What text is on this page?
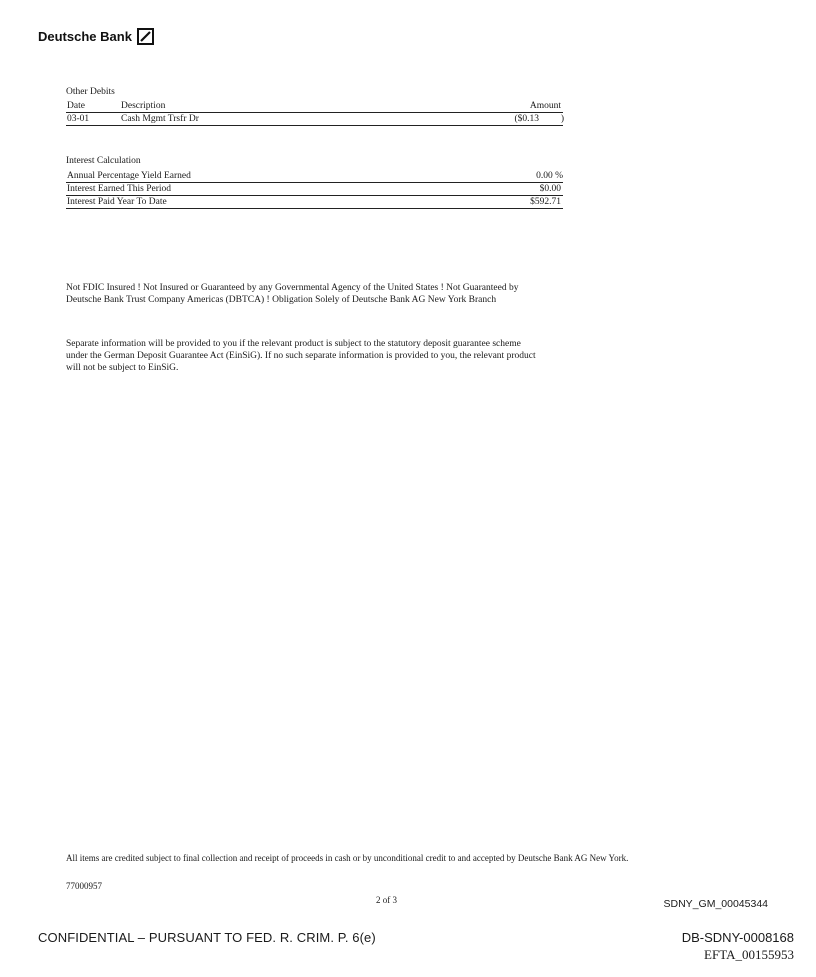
Deutsche Bank
Other Debits
Date	Description	Amount
03-01	Cash Mgmt Trsfr Dr	($0.13 )
Interest Calculation
Annual Percentage Yield Earned	0.00 %
Interest Earned This Period	$0.00
Interest Paid Year To Date	$592.71
Not FDIC Insured ! Not Insured or Guaranteed by any Governmental Agency of the United States ! Not Guaranteed by Deutsche Bank Trust Company Americas (DBTCA) ! Obligation Solely of Deutsche Bank AG New York Branch
Separate information will be provided to you if the relevant product is subject to the statutory deposit guarantee scheme under the German Deposit Guarantee Act (EinSiG). If no such separate information is provided to you, the relevant product will not be subject to EinSiG.
All items are credited subject to final collection and receipt of proceeds in cash or by unconditional credit to and accepted by Deutsche Bank AG New York.
77000957
2 of 3	SDNY_GM_00045344
CONFIDENTIAL – PURSUANT TO FED. R. CRIM. P. 6(e)	DB-SDNY-0008168
EFTA_00155953
